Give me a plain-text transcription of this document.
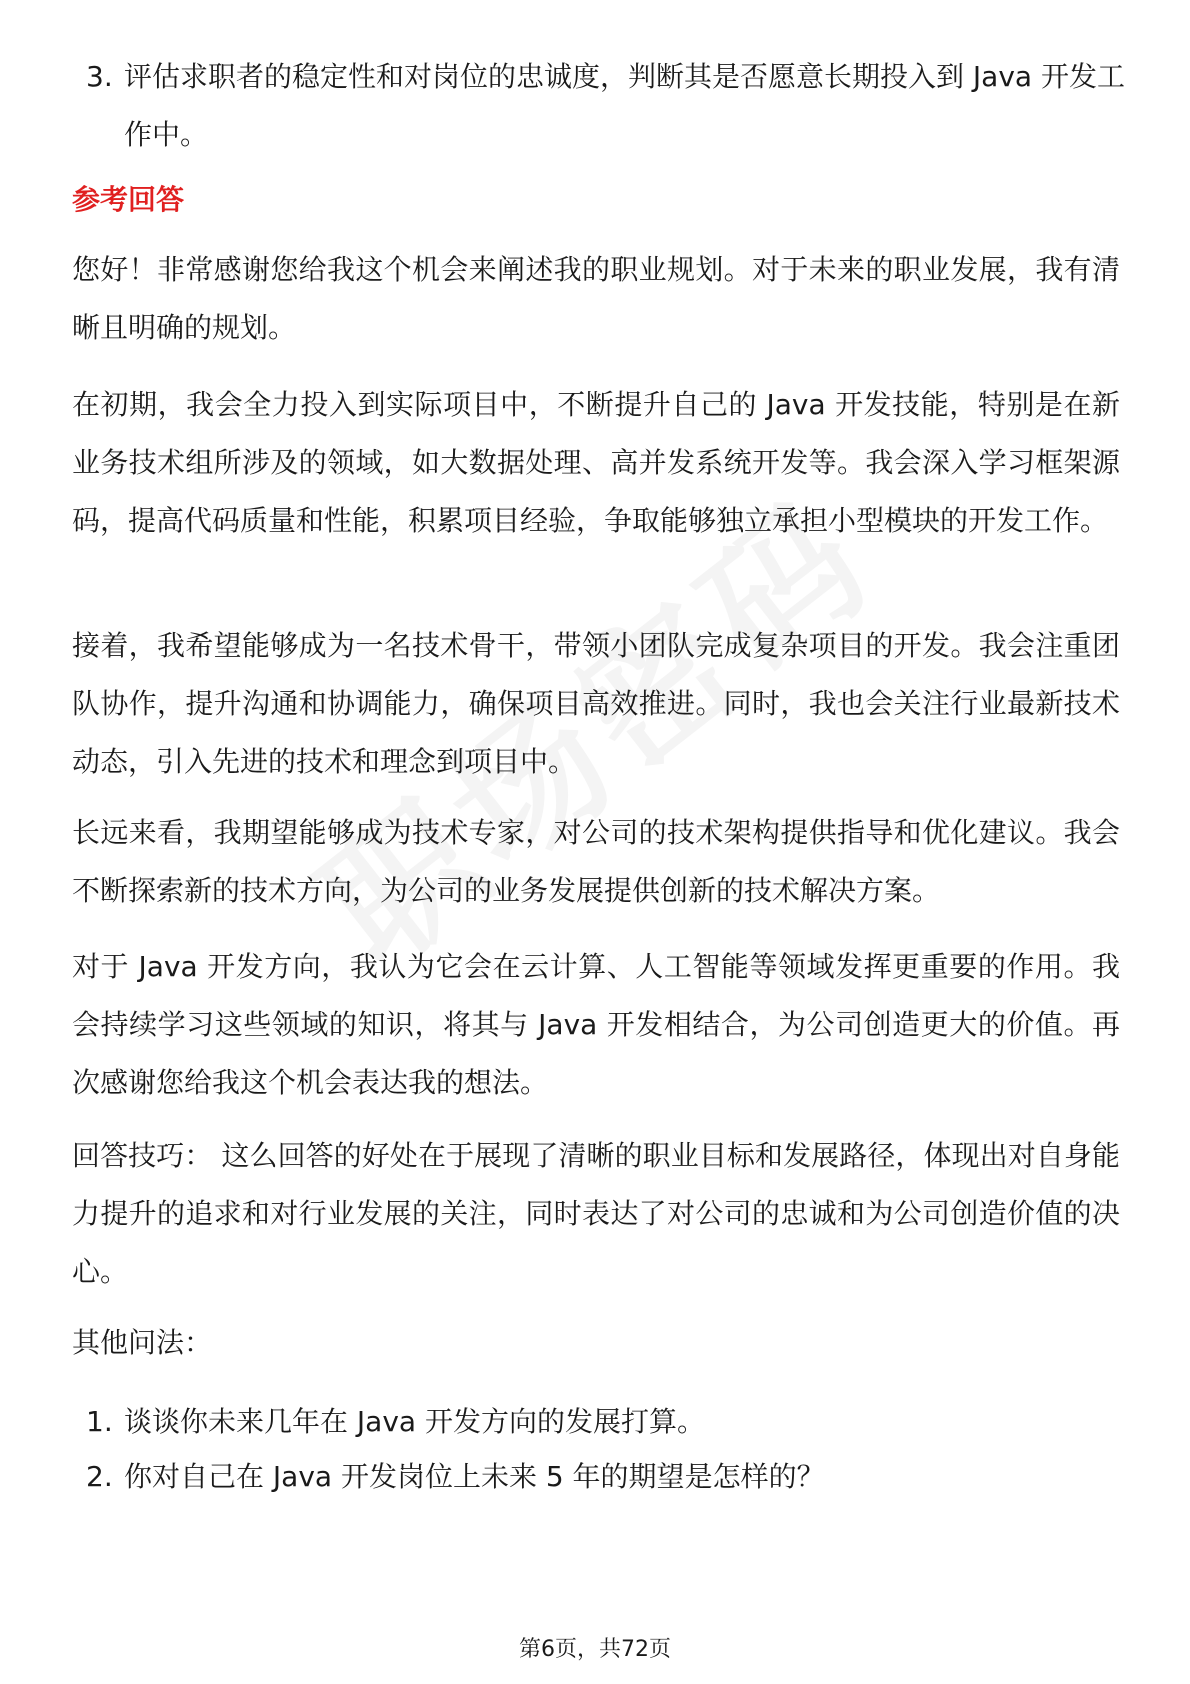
3. 评估求职者的稳定性和对岗位的忠诚度，判断其是否愿意长期投入到 Java 开发工作中。
参考回答

您好！非常感谢您给我这个机会来阐述我的职业规划。对于未来的职业发展，我有清晰且明确的规划。

在初期，我会全力投入到实际项目中，不断提升自己的 Java 开发技能，特别是在新业务技术组所涉及的领域，如大数据处理、高并发系统开发等。我会深入学习框架源码，提高代码质量和性能，积累项目经验，争取能够独立承担小型模块的开发工作。

接着，我希望能够成为一名技术骨干，带领小团队完成复杂项目的开发。我会注重团队协作，提升沟通和协调能力，确保项目高效推进。同时，我也会关注行业最新技术动态，引入先进的技术和理念到项目中。

长远来看，我期望能够成为技术专家，对公司的技术架构提供指导和优化建议。我会不断探索新的技术方向，为公司的业务发展提供创新的技术解决方案。

对于 Java 开发方向，我认为它会在云计算、人工智能等领域发挥更重要的作用。我会持续学习这些领域的知识，将其与 Java 开发相结合，为公司创造更大的价值。再次感谢您给我这个机会表达我的想法。

回答技巧： 这么回答的好处在于展现了清晰的职业目标和发展路径，体现出对自身能力提升的追求和对行业发展的关注，同时表达了对公司的忠诚和为公司创造价值的决心。

其他问法：

1. 谈谈你未来几年在 Java 开发方向的发展打算。
2. 你对自己在 Java 开发岗位上未来 5 年的期望是怎样的？
第6页，共72页
